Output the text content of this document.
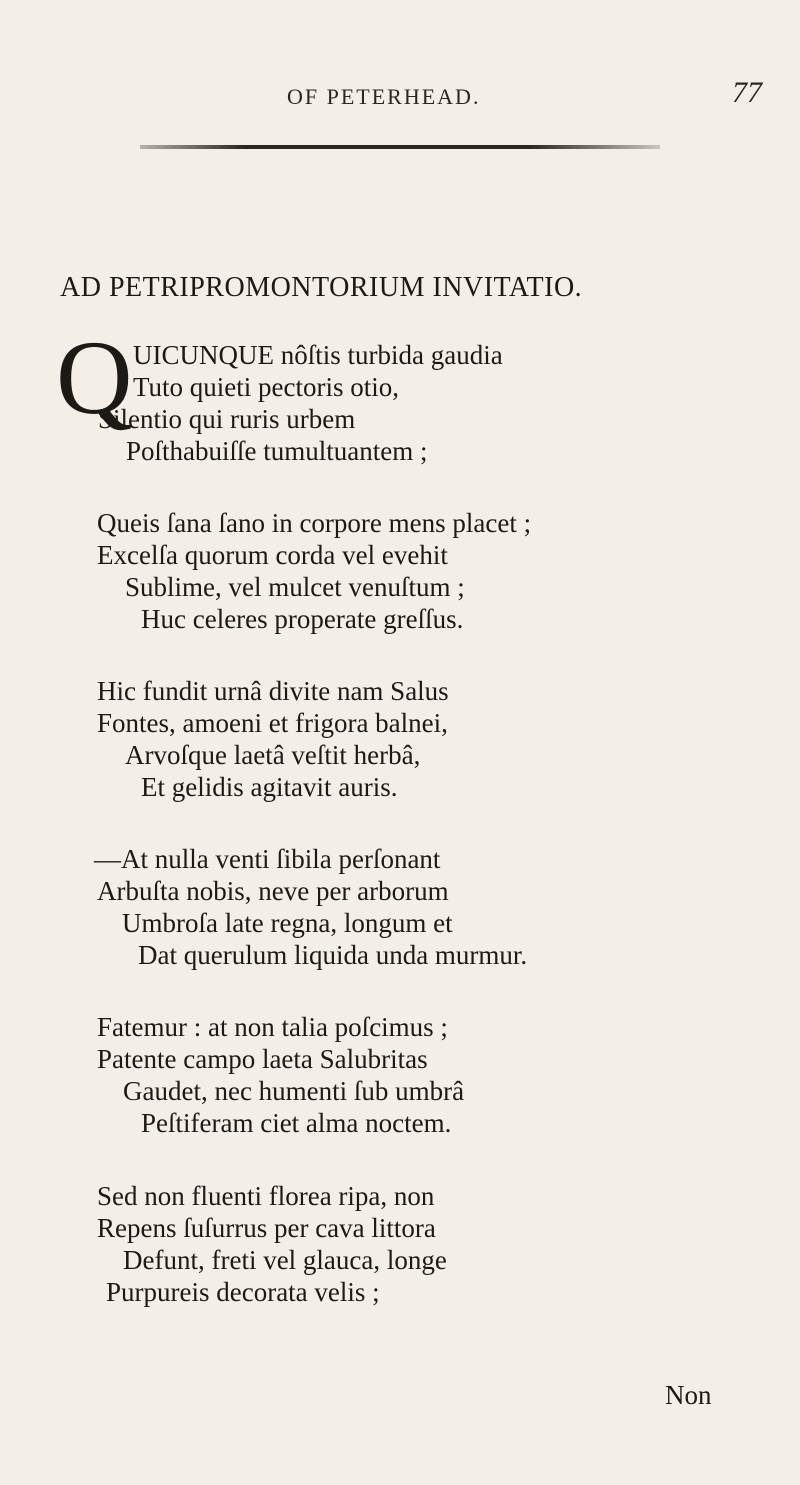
OF PETERHEAD.	77
AD PETRIPROMONTORIUM INVITATIO.
Q UICUNQUE nôſtis turbida gaudia
Tuto quieti pectoris otio,
Silentio qui ruris urbem
Poſthabuiſſe tumultuantem ;
Queis ſana ſano in corpore mens placet ;
Excelſa quorum corda vel evehit
Sublime, vel mulcet venuſtum ;
Huc celeres properate greſſus.
Hic fundit urnâ divite nam Salus
Fontes, amoeni et frigora balnei,
Arvoſque laetâ veſtit herbâ,
Et gelidis agitavit auris.
—At nulla venti ſibila perſonant
Arbuſta nobis, neve per arborum
Umbroſa late regna, longum et
Dat querulum liquida unda murmur.
Fatemur : at non talia poſcimus ;
Patente campo laeta Salubritas
Gaudet, nec humenti ſub umbrâ
Peſtiferam ciet alma noctem.
Sed non fluenti florea ripa, non
Repens ſuſurrus per cava littora
Defunt, freti vel glauca, longe
Purpureis decorata velis ;
Non
